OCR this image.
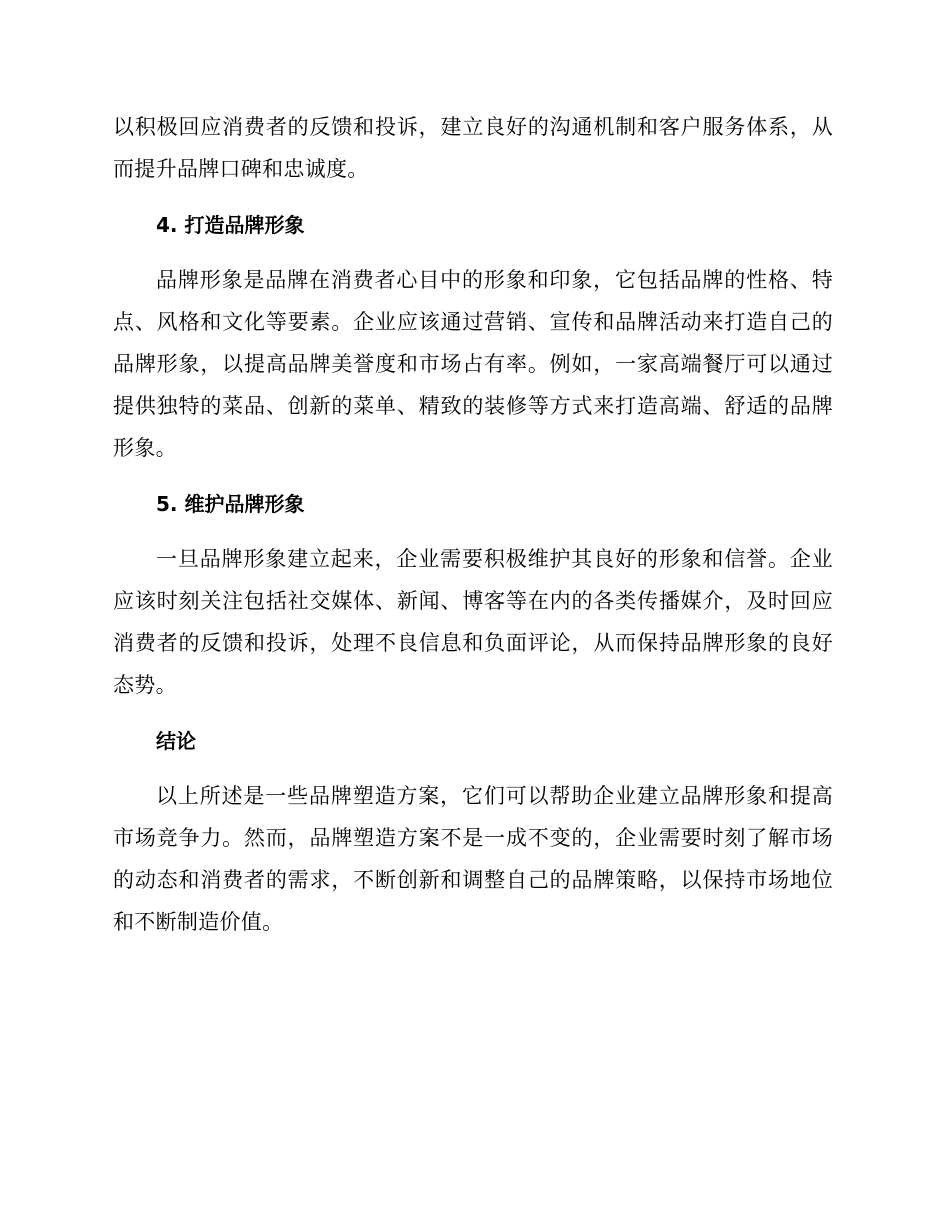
以积极回应消费者的反馈和投诉，建立良好的沟通机制和客户服务体系，从而提升品牌口碑和忠诚度。

4. 打造品牌形象

品牌形象是品牌在消费者心目中的形象和印象，它包括品牌的性格、特点、风格和文化等要素。企业应该通过营销、宣传和品牌活动来打造自己的品牌形象，以提高品牌美誉度和市场占有率。例如，一家高端餐厅可以通过提供独特的菜品、创新的菜单、精致的装修等方式来打造高端、舒适的品牌形象。

5. 维护品牌形象

一旦品牌形象建立起来，企业需要积极维护其良好的形象和信誉。企业应该时刻关注包括社交媒体、新闻、博客等在内的各类传播媒介，及时回应消费者的反馈和投诉，处理不良信息和负面评论，从而保持品牌形象的良好态势。

结论

以上所述是一些品牌塑造方案，它们可以帮助企业建立品牌形象和提高市场竞争力。然而，品牌塑造方案不是一成不变的，企业需要时刻了解市场的动态和消费者的需求，不断创新和调整自己的品牌策略，以保持市场地位和不断制造价值。
